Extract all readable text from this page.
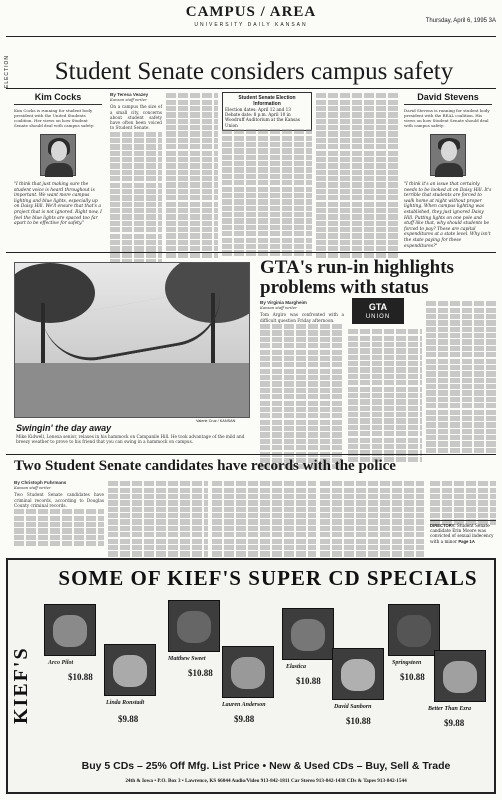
CAMPUS / AREA
UNIVERSITY DAILY KANSAN
Thursday, April 6, 1995 3A
ELECTION	Student Senate considers campus safety
Kim Cocks
Kim Cocks is running for student body president with the United Students coalition. Her views on how Student Senate should deal with campus safety:
"I think that just making sure the student voice is heard throughout is important. We want more campus lighting and blue lights, especially up on Daisy Hill. We'll ensure that that's a project that is not ignored. Right now, I feel the blue lights are spaced too far apart to be effective for safety."
David Stevens
David Stevens is running for student body president with the REAL coalition. His views on how Student Senate should deal with campus safety:
"I think it's an issue that certainly needs to be looked at on Daisy Hill. It's terrible that students are forced to walk home at night without proper lighting. When campus lighting was established, they just ignored Daisy Hill. Putting lights on one pole and stuff like that, why should students be forced to pay? These are capital expenditures at a state level. Why isn't the state paying for these expenditures?"
By Teresa Veazey
Kansan staff writer
On a campus the size of a small city, concerns about student safety have often been voiced to Student Senate.
Student Senate Election Information
Election dates: April 12 and 13
Debate date: 8 p.m. April 10 in Woodruff Auditorium at the Kansas Union
Valerie Cruz / KANSAN
Swingin' the day away
Mike Kidwell, Lenexa senior, relaxes in his hammock on Campanile Hill. He took advantage of the mild and breezy weather to prove to his friend that you can swing in a hammock on campus.
GTA's run-in highlights problems with status
By Virginia Margheim
Kansan staff writer
Tom Argiro was confronted with a difficult question Friday afternoon.
GTA
UNION
Two Student Senate candidates have records with the police
By Christoph Fuhrmans
Kansan staff writer
Two Student Senate candidates have criminal records, according to Douglas County criminal records.
DIRECTORY: Student Senate candidate Erin Moore was convicted of sexual indecency with a minor Page 1A
KIEF'S
SOME OF KIEF'S SUPER CD SPECIALS
Arco Pilot
$10.88
Linda Ronstadt
$9.88
Matthew Sweet
$10.88
Lauren Anderson
$9.88
Elastica
$10.88
David Sanborn
$10.88
Springsteen
$10.88
Better Than Ezra
$9.88
Buy 5 CDs – 25% Off Mfg. List Price • New & Used CDs – Buy, Sell & Trade
24th & Iowa • P.O. Box 3 • Lawrence, KS 66044 Audio/Video 913-842-1811 Car Stereo 913-842-1438 CDs & Tapes 913-842-1544
